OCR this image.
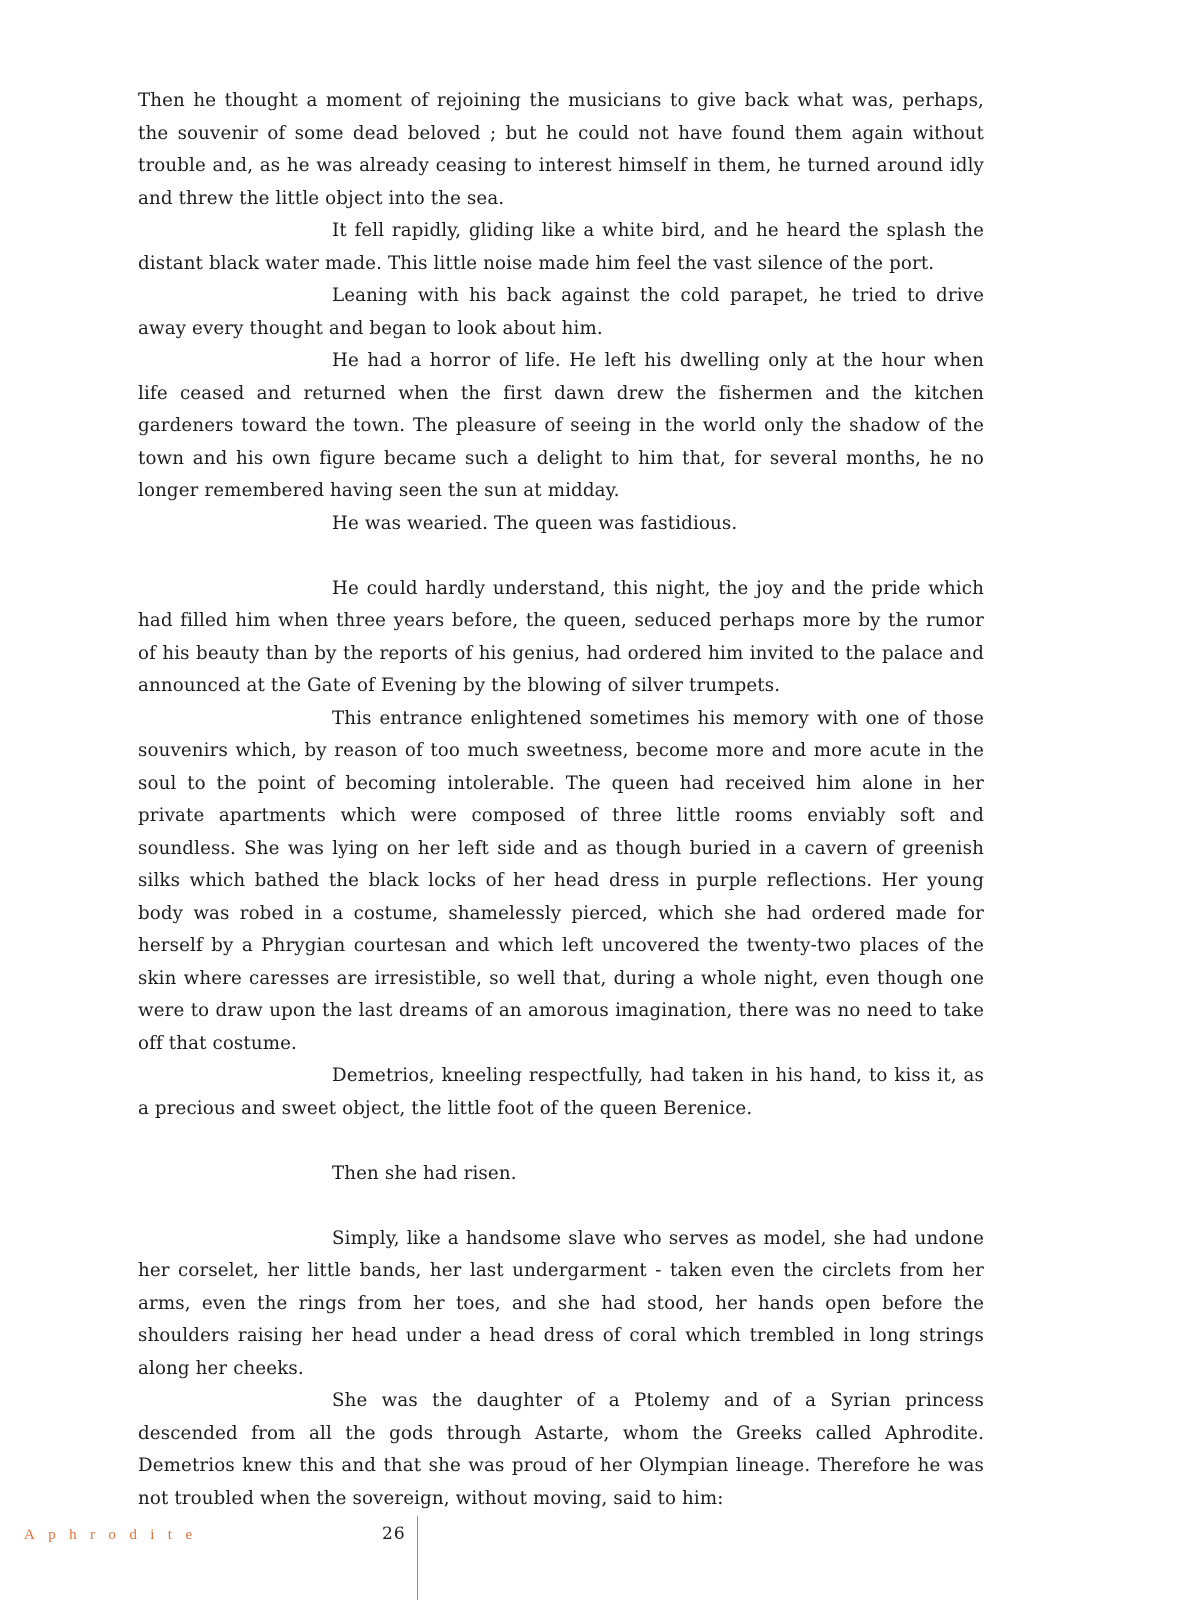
Then he thought a moment of rejoining the musicians to give back what was, perhaps, the souvenir of some dead beloved ; but he could not have found them again without trouble and, as he was already ceasing to interest himself in them, he turned around idly and threw the little object into the sea.

It fell rapidly, gliding like a white bird, and he heard the splash the distant black water made. This little noise made him feel the vast silence of the port.

Leaning with his back against the cold parapet, he tried to drive away every thought and began to look about him.

He had a horror of life. He left his dwelling only at the hour when life ceased and returned when the first dawn drew the fishermen and the kitchen gardeners toward the town. The pleasure of seeing in the world only the shadow of the town and his own figure became such a delight to him that, for several months, he no longer remembered having seen the sun at midday.

He was wearied. The queen was fastidious.

He could hardly understand, this night, the joy and the pride which had filled him when three years before, the queen, seduced perhaps more by the rumor of his beauty than by the reports of his genius, had ordered him invited to the palace and announced at the Gate of Evening by the blowing of silver trumpets.

This entrance enlightened sometimes his memory with one of those souvenirs which, by reason of too much sweetness, become more and more acute in the soul to the point of becoming intolerable. The queen had received him alone in her private apartments which were composed of three little rooms enviably soft and soundless. She was lying on her left side and as though buried in a cavern of greenish silks which bathed the black locks of her head dress in purple reflections. Her young body was robed in a costume, shamelessly pierced, which she had ordered made for herself by a Phrygian courtesan and which left uncovered the twenty-two places of the skin where caresses are irresistible, so well that, during a whole night, even though one were to draw upon the last dreams of an amorous imagination, there was no need to take off that costume.

Demetrios, kneeling respectfully, had taken in his hand, to kiss it, as a precious and sweet object, the little foot of the queen Berenice.

Then she had risen.

Simply, like a handsome slave who serves as model, she had undone her corselet, her little bands, her last undergarment - taken even the circlets from her arms, even the rings from her toes, and she had stood, her hands open before the shoulders raising her head under a head dress of coral which trembled in long strings along her cheeks.

She was the daughter of a Ptolemy and of a Syrian princess descended from all the gods through Astarte, whom the Greeks called Aphrodite. Demetrios knew this and that she was proud of her Olympian lineage. Therefore he was not troubled when the sovereign, without moving, said to him:

Aphrodite	26
